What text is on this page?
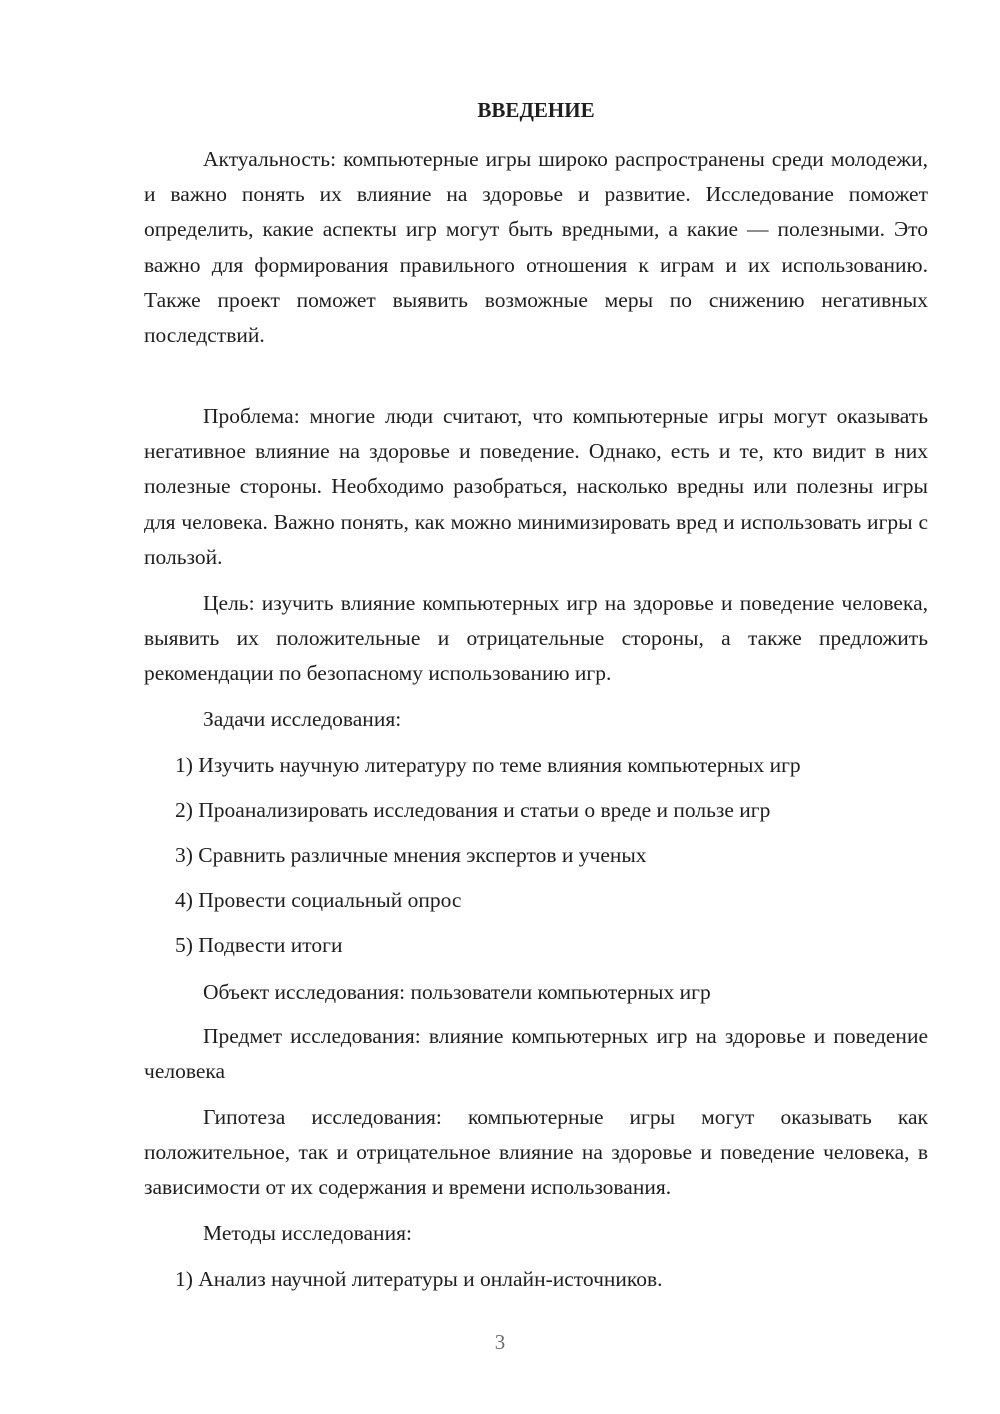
ВВЕДЕНИЕ

Актуальность: компьютерные игры широко распространены среди молодежи, и важно понять их влияние на здоровье и развитие. Исследование поможет определить, какие аспекты игр могут быть вредными, а какие — полезными. Это важно для формирования правильного отношения к играм и их использованию. Также проект поможет выявить возможные меры по снижению негативных последствий.

Проблема: многие люди считают, что компьютерные игры могут оказывать негативное влияние на здоровье и поведение. Однако, есть и те, кто видит в них полезные стороны. Необходимо разобраться, насколько вредны или полезны игры для человека. Важно понять, как можно минимизировать вред и использовать игры с пользой.

Цель: изучить влияние компьютерных игр на здоровье и поведение человека, выявить их положительные и отрицательные стороны, а также предложить рекомендации по безопасному использованию игр.

Задачи исследования:

1) Изучить научную литературу по теме влияния компьютерных игр

2) Проанализировать исследования и статьи о вреде и пользе игр

3) Сравнить различные мнения экспертов и ученых

4) Провести социальный опрос

5) Подвести итоги

Объект исследования: пользователи компьютерных игр

Предмет исследования: влияние компьютерных игр на здоровье и поведение человека

Гипотеза исследования: компьютерные игры могут оказывать как положительное, так и отрицательное влияние на здоровье и поведение человека, в зависимости от их содержания и времени использования.

Методы исследования:

1) Анализ научной литературы и онлайн-источников.

3
